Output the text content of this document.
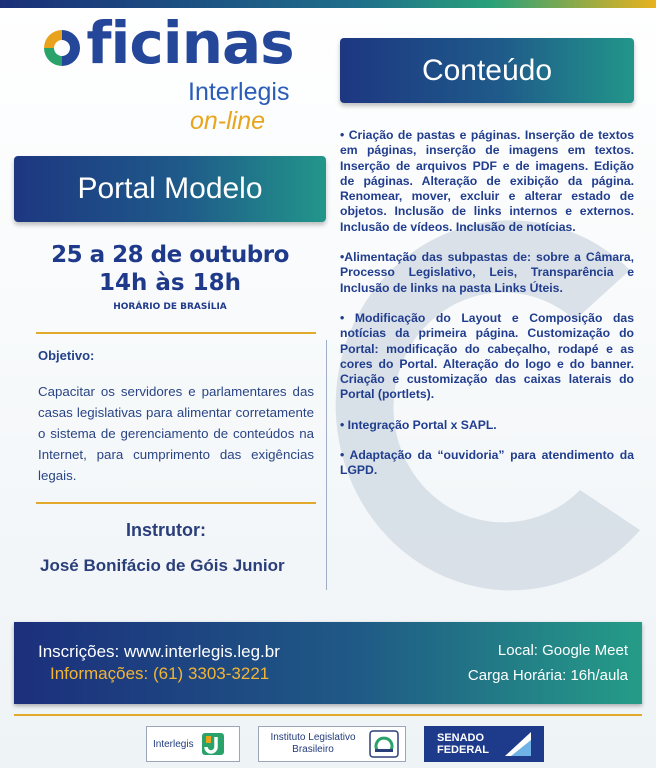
ficinas
Interlegis
on-line
Conteúdo
Portal Modelo
25 a 28 de outubro
14h às 18h
HORÁRIO DE BRASÍLIA
Objetivo:
Capacitar os servidores e parlamentares das casas legislativas para alimentar corretamente o sistema de gerenciamento de conteúdos na Internet, para cumprimento das exigências legais.
Instrutor:
José Bonifácio de Góis Junior

• Criação de pastas e páginas. Inserção de textos em páginas, inserção de imagens em textos. Inserção de arquivos PDF e de imagens. Edição de páginas. Alteração de exibição da página. Renomear, mover, excluir e alterar estado de objetos. Inclusão de links internos e externos. Inclusão de vídeos. Inclusão de notícias.

•Alimentação das subpastas de: sobre a Câmara, Processo Legislativo, Leis, Transparência e Inclusão de links na pasta Links Úteis.

• Modificação do Layout e Composição das notícias da primeira página. Customização do Portal: modificação do cabeçalho, rodapé e as cores do Portal. Alteração do logo e do banner. Criação e customização das caixas laterais do Portal (portlets).

• Integração Portal x SAPL.

• Adaptação da “ouvidoria” para atendimento da LGPD.

Inscrições: www.interlegis.leg.br
Informações: (61) 3303-3221
Local: Google Meet
Carga Horária: 16h/aula
Interlegis
Instituto Legislativo
Brasileiro
SENADO
FEDERAL
